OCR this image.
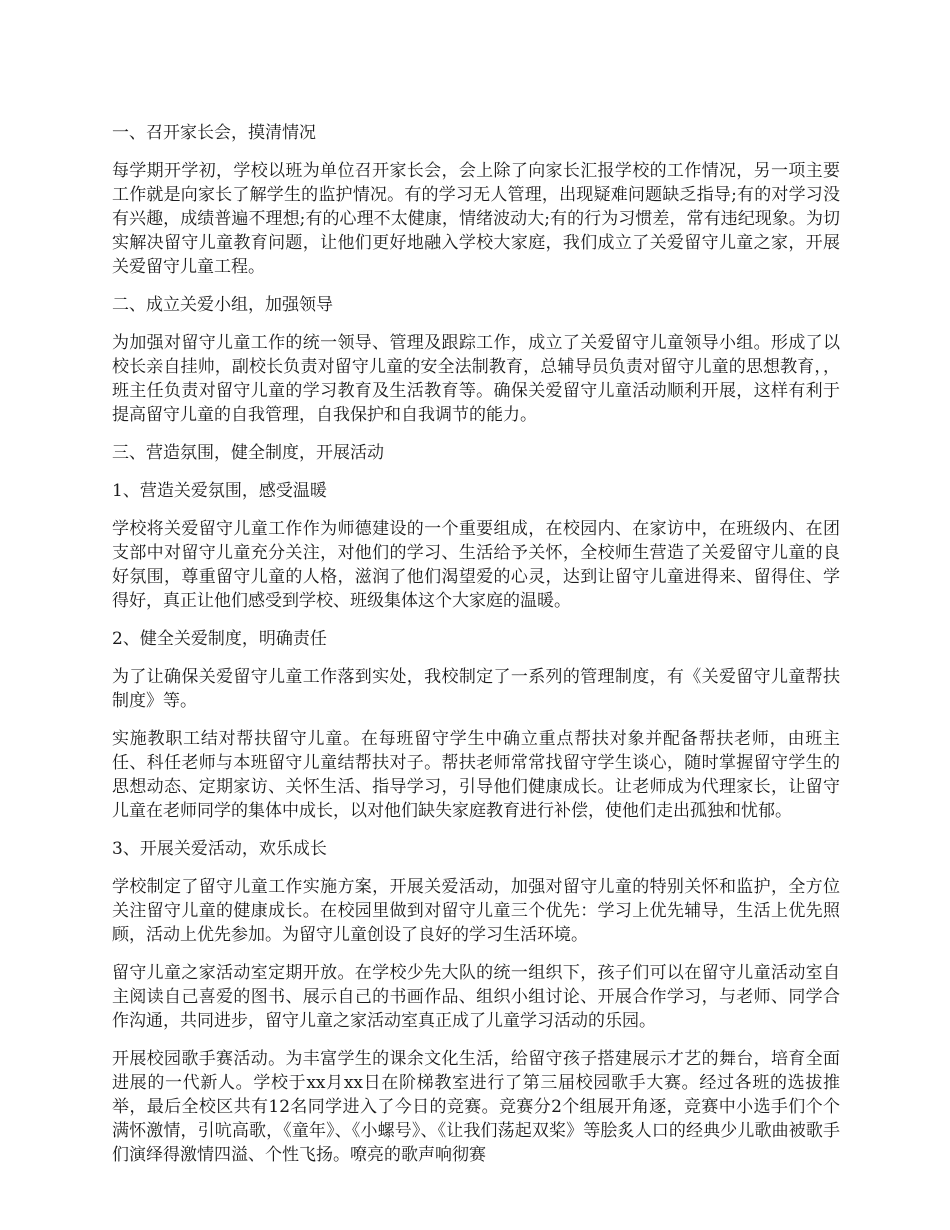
一、召开家长会，摸清情况

每学期开学初，学校以班为单位召开家长会，会上除了向家长汇报学校的工作情况，另一项主要工作就是向家长了解学生的监护情况。有的学习无人管理，出现疑难问题缺乏指导;有的对学习没有兴趣，成绩普遍不理想;有的心理不太健康，情绪波动大;有的行为习惯差，常有违纪现象。为切实解决留守儿童教育问题，让他们更好地融入学校大家庭，我们成立了关爱留守儿童之家，开展关爱留守儿童工程。

二、成立关爱小组，加强领导

为加强对留守儿童工作的统一领导、管理及跟踪工作，成立了关爱留守儿童领导小组。形成了以校长亲自挂帅，副校长负责对留守儿童的安全法制教育，总辅导员负责对留守儿童的思想教育，，班主任负责对留守儿童的学习教育及生活教育等。确保关爱留守儿童活动顺利开展，这样有利于提高留守儿童的自我管理，自我保护和自我调节的能力。

三、营造氛围，健全制度，开展活动

1、营造关爱氛围，感受温暖

学校将关爱留守儿童工作作为师德建设的一个重要组成，在校园内、在家访中，在班级内、在团支部中对留守儿童充分关注，对他们的学习、生活给予关怀，全校师生营造了关爱留守儿童的良好氛围，尊重留守儿童的人格，滋润了他们渴望爱的心灵，达到让留守儿童进得来、留得住、学得好，真正让他们感受到学校、班级集体这个大家庭的温暖。

2、健全关爱制度，明确责任

为了让确保关爱留守儿童工作落到实处，我校制定了一系列的管理制度，有《关爱留守儿童帮扶制度》等。

实施教职工结对帮扶留守儿童。在每班留守学生中确立重点帮扶对象并配备帮扶老师，由班主任、科任老师与本班留守儿童结帮扶对子。帮扶老师常常找留守学生谈心，随时掌握留守学生的思想动态、定期家访、关怀生活、指导学习，引导他们健康成长。让老师成为代理家长，让留守儿童在老师同学的集体中成长，以对他们缺失家庭教育进行补偿，使他们走出孤独和忧郁。

3、开展关爱活动，欢乐成长

学校制定了留守儿童工作实施方案，开展关爱活动，加强对留守儿童的特别关怀和监护，全方位关注留守儿童的健康成长。在校园里做到对留守儿童三个优先：学习上优先辅导，生活上优先照顾，活动上优先参加。为留守儿童创设了良好的学习生活环境。

留守儿童之家活动室定期开放。在学校少先大队的统一组织下，孩子们可以在留守儿童活动室自主阅读自己喜爱的图书、展示自己的书画作品、组织小组讨论、开展合作学习，与老师、同学合作沟通，共同进步，留守儿童之家活动室真正成了儿童学习活动的乐园。

开展校园歌手赛活动。为丰富学生的课余文化生活，给留守孩子搭建展示才艺的舞台，培育全面进展的一代新人。学校于xx月xx日在阶梯教室进行了第三届校园歌手大赛。经过各班的选拔推举，最后全校区共有12名同学进入了今日的竞赛。竞赛分2个组展开角逐，竞赛中小选手们个个满怀激情，引吭高歌，《童年》、《小螺号》、《让我们荡起双桨》等脍炙人口的经典少儿歌曲被歌手们演绎得激情四溢、个性飞扬。嘹亮的歌声响彻赛
